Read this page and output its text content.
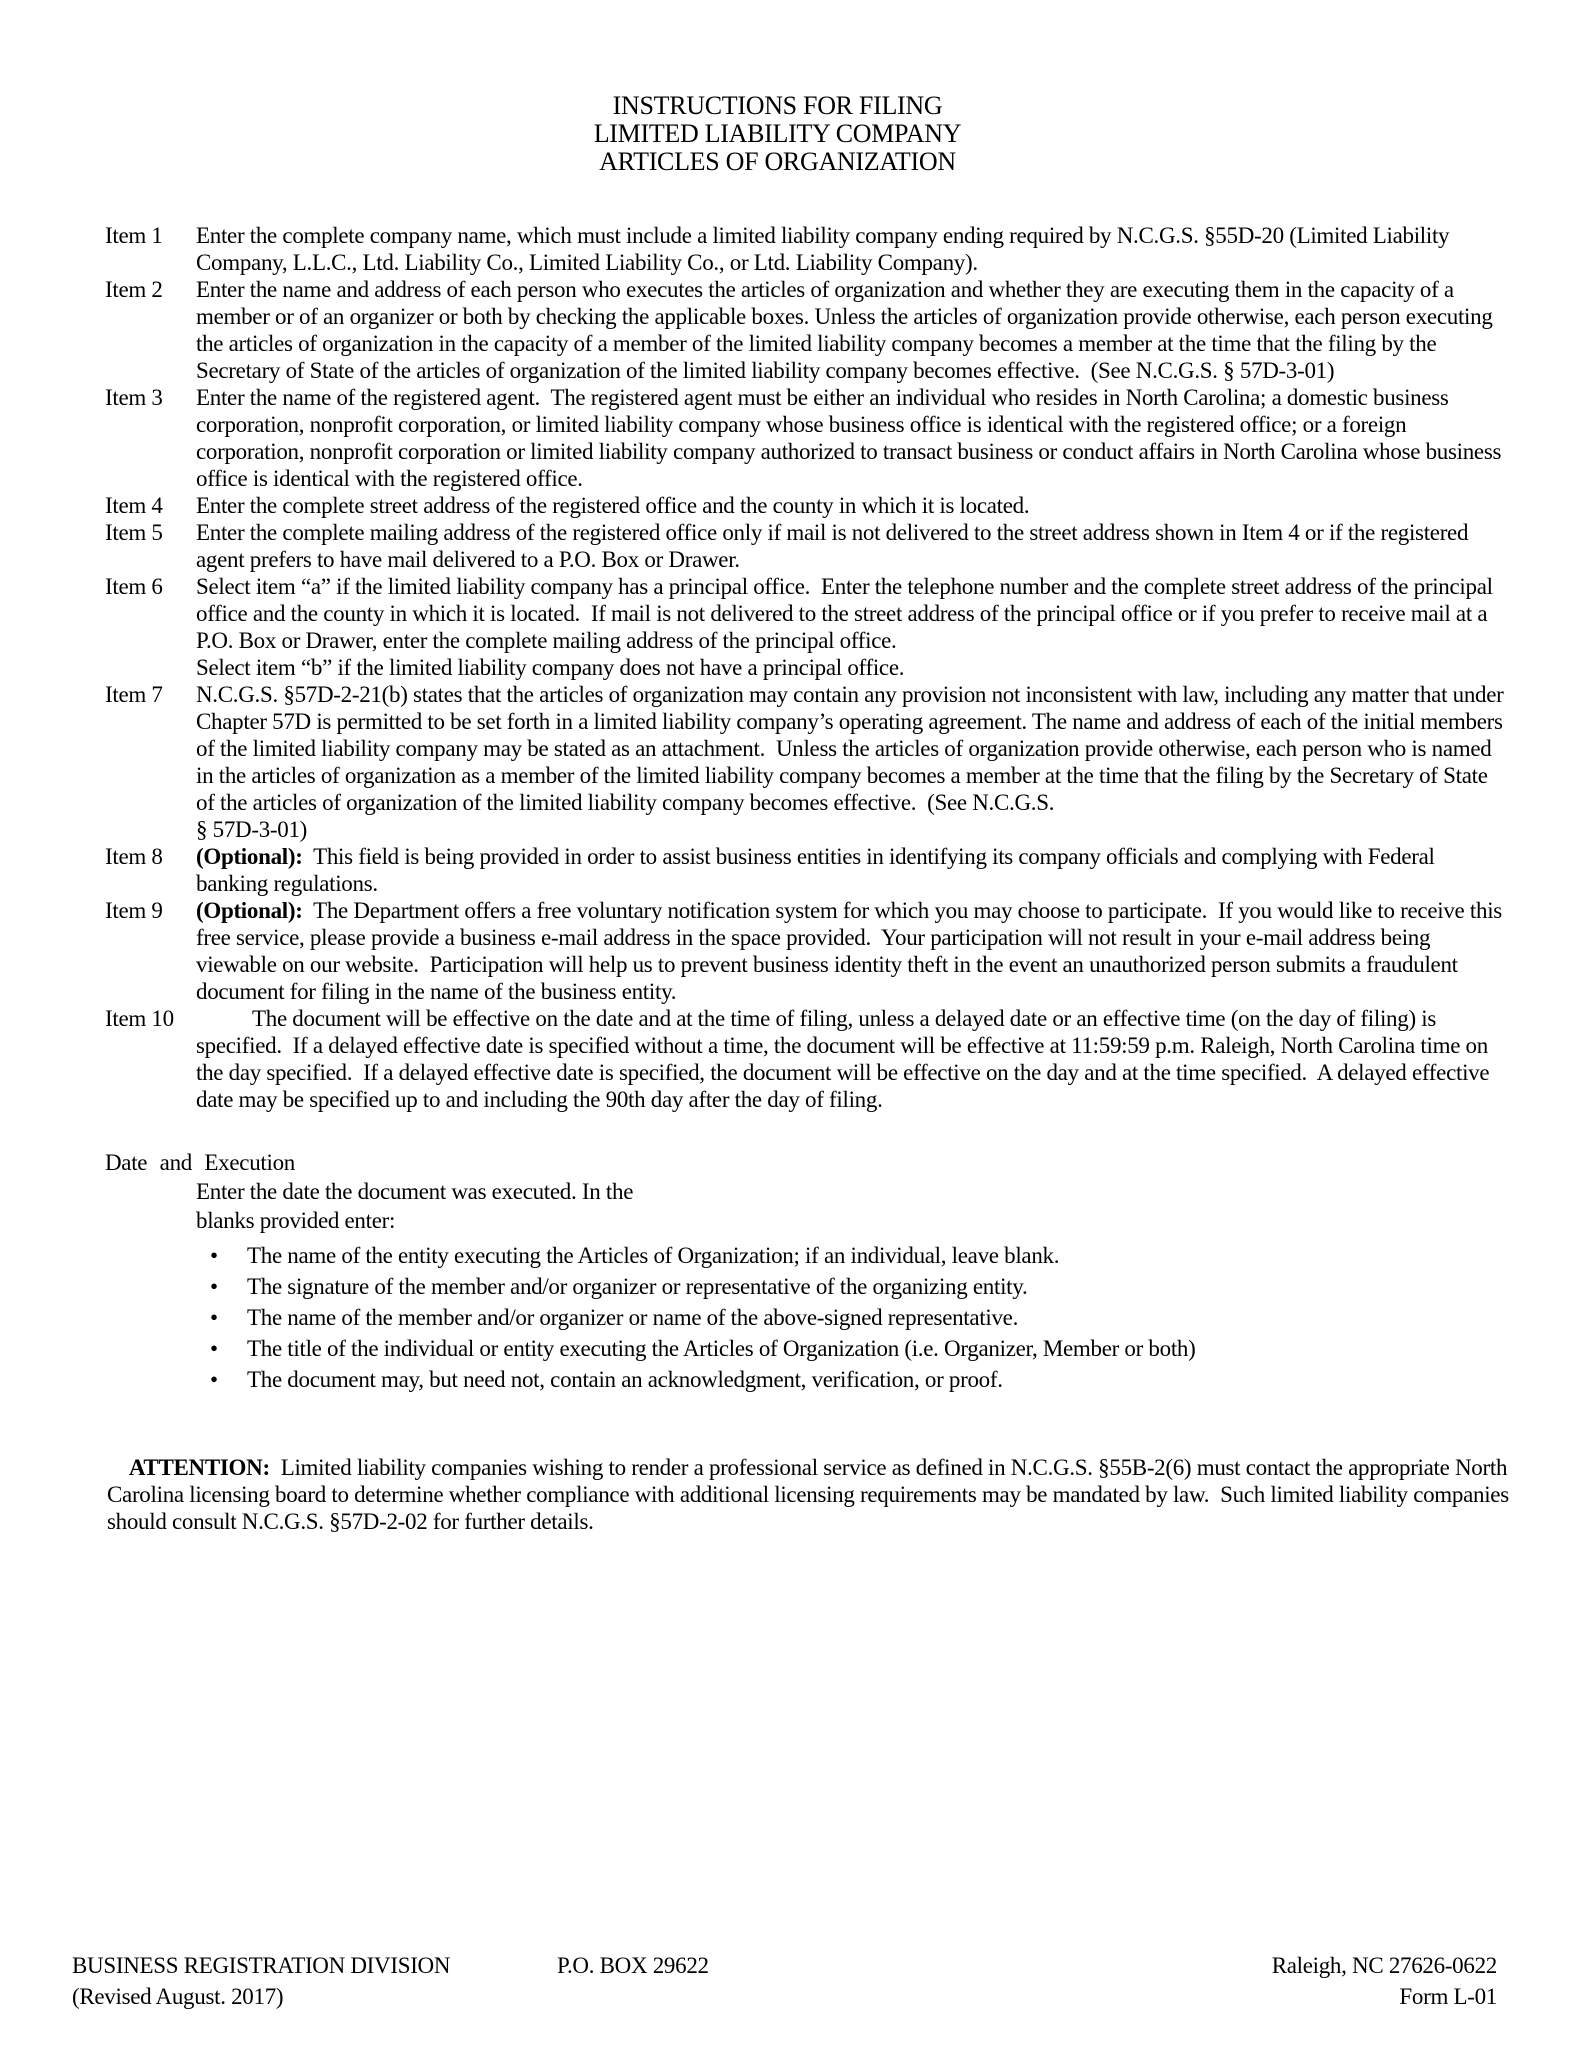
INSTRUCTIONS FOR FILING
LIMITED LIABILITY COMPANY
ARTICLES OF ORGANIZATION
Item 1	Enter the complete company name, which must include a limited liability company ending required by N.C.G.S. §55D-20 (Limited Liability Company, L.L.C., Ltd. Liability Co., Limited Liability Co., or Ltd. Liability Company).
Item 2	Enter the name and address of each person who executes the articles of organization and whether they are executing them in the capacity of a member or of an organizer or both by checking the applicable boxes. Unless the articles of organization provide otherwise, each person executing the articles of organization in the capacity of a member of the limited liability company becomes a member at the time that the filing by the Secretary of State of the articles of organization of the limited liability company becomes effective.  (See N.C.G.S. § 57D-3-01)
Item 3	Enter the name of the registered agent.  The registered agent must be either an individual who resides in North Carolina; a domestic business corporation, nonprofit corporation, or limited liability company whose business office is identical with the registered office; or a foreign corporation, nonprofit corporation or limited liability company authorized to transact business or conduct affairs in North Carolina whose business office is identical with the registered office.
Item 4	Enter the complete street address of the registered office and the county in which it is located.
Item 5	Enter the complete mailing address of the registered office only if mail is not delivered to the street address shown in Item 4 or if the registered agent prefers to have mail delivered to a P.O. Box or Drawer.
Item 6	Select item “a” if the limited liability company has a principal office.  Enter the telephone number and the complete street address of the principal office and the county in which it is located.  If mail is not delivered to the street address of the principal office or if you prefer to receive mail at a P.O. Box or Drawer, enter the complete mailing address of the principal office.
Select item “b” if the limited liability company does not have a principal office.
Item 7	N.C.G.S. §57D-2-21(b) states that the articles of organization may contain any provision not inconsistent with law, including any matter that under Chapter 57D is permitted to be set forth in a limited liability company’s operating agreement. The name and address of each of the initial members of the limited liability company may be stated as an attachment.  Unless the articles of organization provide otherwise, each person who is named in the articles of organization as a member of the limited liability company becomes a member at the time that the filing by the Secretary of State of the articles of organization of the limited liability company becomes effective.  (See N.C.G.S.
§ 57D-3-01)
Item 8	(Optional):  This field is being provided in order to assist business entities in identifying its company officials and complying with Federal banking regulations.
Item 9	(Optional):  The Department offers a free voluntary notification system for which you may choose to participate.  If you would like to receive this free service, please provide a business e-mail address in the space provided.  Your participation will not result in your e-mail address being viewable on our website.  Participation will help us to prevent business identity theft in the event an unauthorized person submits a fraudulent document for filing in the name of the business entity.
Item 10	The document will be effective on the date and at the time of filing, unless a delayed date or an effective time (on the day of filing) is specified.  If a delayed effective date is specified without a time, the document will be effective at 11:59:59 p.m. Raleigh, North Carolina time on the day specified.  If a delayed effective date is specified, the document will be effective on the day and at the time specified.  A delayed effective date may be specified up to and including the 90th day after the day of filing.
Date and Execution
Enter the date the document was executed. In the
blanks provided enter:
• The name of the entity executing the Articles of Organization; if an individual, leave blank.
• The signature of the member and/or organizer or representative of the organizing entity.
• The name of the member and/or organizer or name of the above-signed representative.
• The title of the individual or entity executing the Articles of Organization (i.e. Organizer, Member or both)
• The document may, but need not, contain an acknowledgment, verification, or proof.

ATTENTION:  Limited liability companies wishing to render a professional service as defined in N.C.G.S. §55B-2(6) must contact the appropriate North Carolina licensing board to determine whether compliance with additional licensing requirements may be mandated by law.  Such limited liability companies should consult N.C.G.S. §57D-2-02 for further details.

BUSINESS REGISTRATION DIVISION
(Revised August. 2017)
P.O. BOX 29622	Raleigh, NC 27626-0622
Form L-01
